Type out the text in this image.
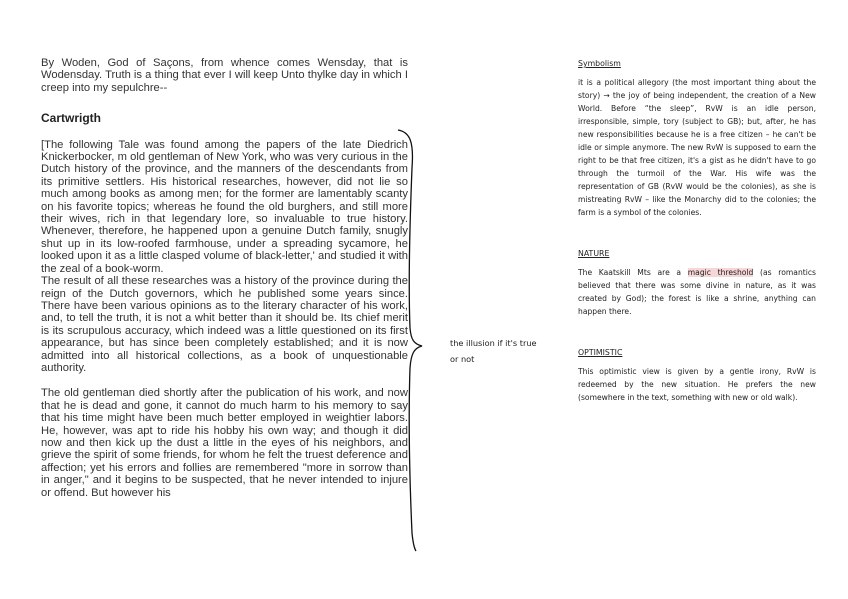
By Woden, God of Saçons, from whence comes Wensday, that is Wodensday. Truth is a thing that ever I will keep Unto thylke day in which I creep into my sepulchre--

Cartwrigth

[The following Tale was found among the papers of the late Diedrich Knickerbocker, m old gentleman of New York, who was very curious in the Dutch history of the province, and the manners of the descendants from its primitive settlers. His historical researches, however, did not lie so much among books as among men; for the former are lamentably scanty on his favorite topics; whereas he found the old burghers, and still more their wives, rich in that legendary lore, so invaluable to true history. Whenever, therefore, he happened upon a genuine Dutch family, snugly shut up in its low-roofed farmhouse, under a spreading sycamore, he looked upon it as a little clasped volume of black-letter,' and studied it with the zeal of a book-worm.

The result of all these researches was a history of the province during the reign of the Dutch governors, which he published some years since. There have been various opinions as to the literary character of his work, and, to tell the truth, it is not a whit better than it should be. Its chief merit is its scrupulous accuracy, which indeed was a little questioned on its first appearance, but has since been completely established; and it is now admitted into all historical collections, as a book of unquestionable authority.

The old gentleman died shortly after the publication of his work, and now that he is dead and gone, it cannot do much harm to his memory to say that his time might have been much better employed in weightier labors. He, however, was apt to ride his hobby his own way; and though it did now and then kick up the dust a little in the eyes of his neighbors, and grieve the spirit of some friends, for whom he felt the truest deference and affection; yet his errors and follies are remembered "more in sorrow than in anger," and it begins to be suspected, that he never intended to injure or offend. But however his

the illusion if it's true or not

Symbolism

it is a political allegory (the most important thing about the story) → the joy of being independent, the creation of a New World. Before “the sleep”, RvW is an idle person, irresponsible, simple, tory (subject to GB); but, after, he has new responsibilities because he is a free citizen – he can't be idle or simple anymore. The new RvW is supposed to earn the right to be that free citizen, it's a gist as he didn't have to go through the turmoil of the War. His wife was the representation of GB (RvW would be the colonies), as she is mistreating RvW – like the Monarchy did to the colonies; the farm is a symbol of the colonies.

NATURE

The Kaatskill Mts are a magic threshold (as romantics believed that there was some divine in nature, as it was created by God); the forest is like a shrine, anything can happen there.

OPTIMISTIC

This optimistic view is given by a gentle irony, RvW is redeemed by the new situation. He prefers the new (somewhere in the text, something with new or old walk).
